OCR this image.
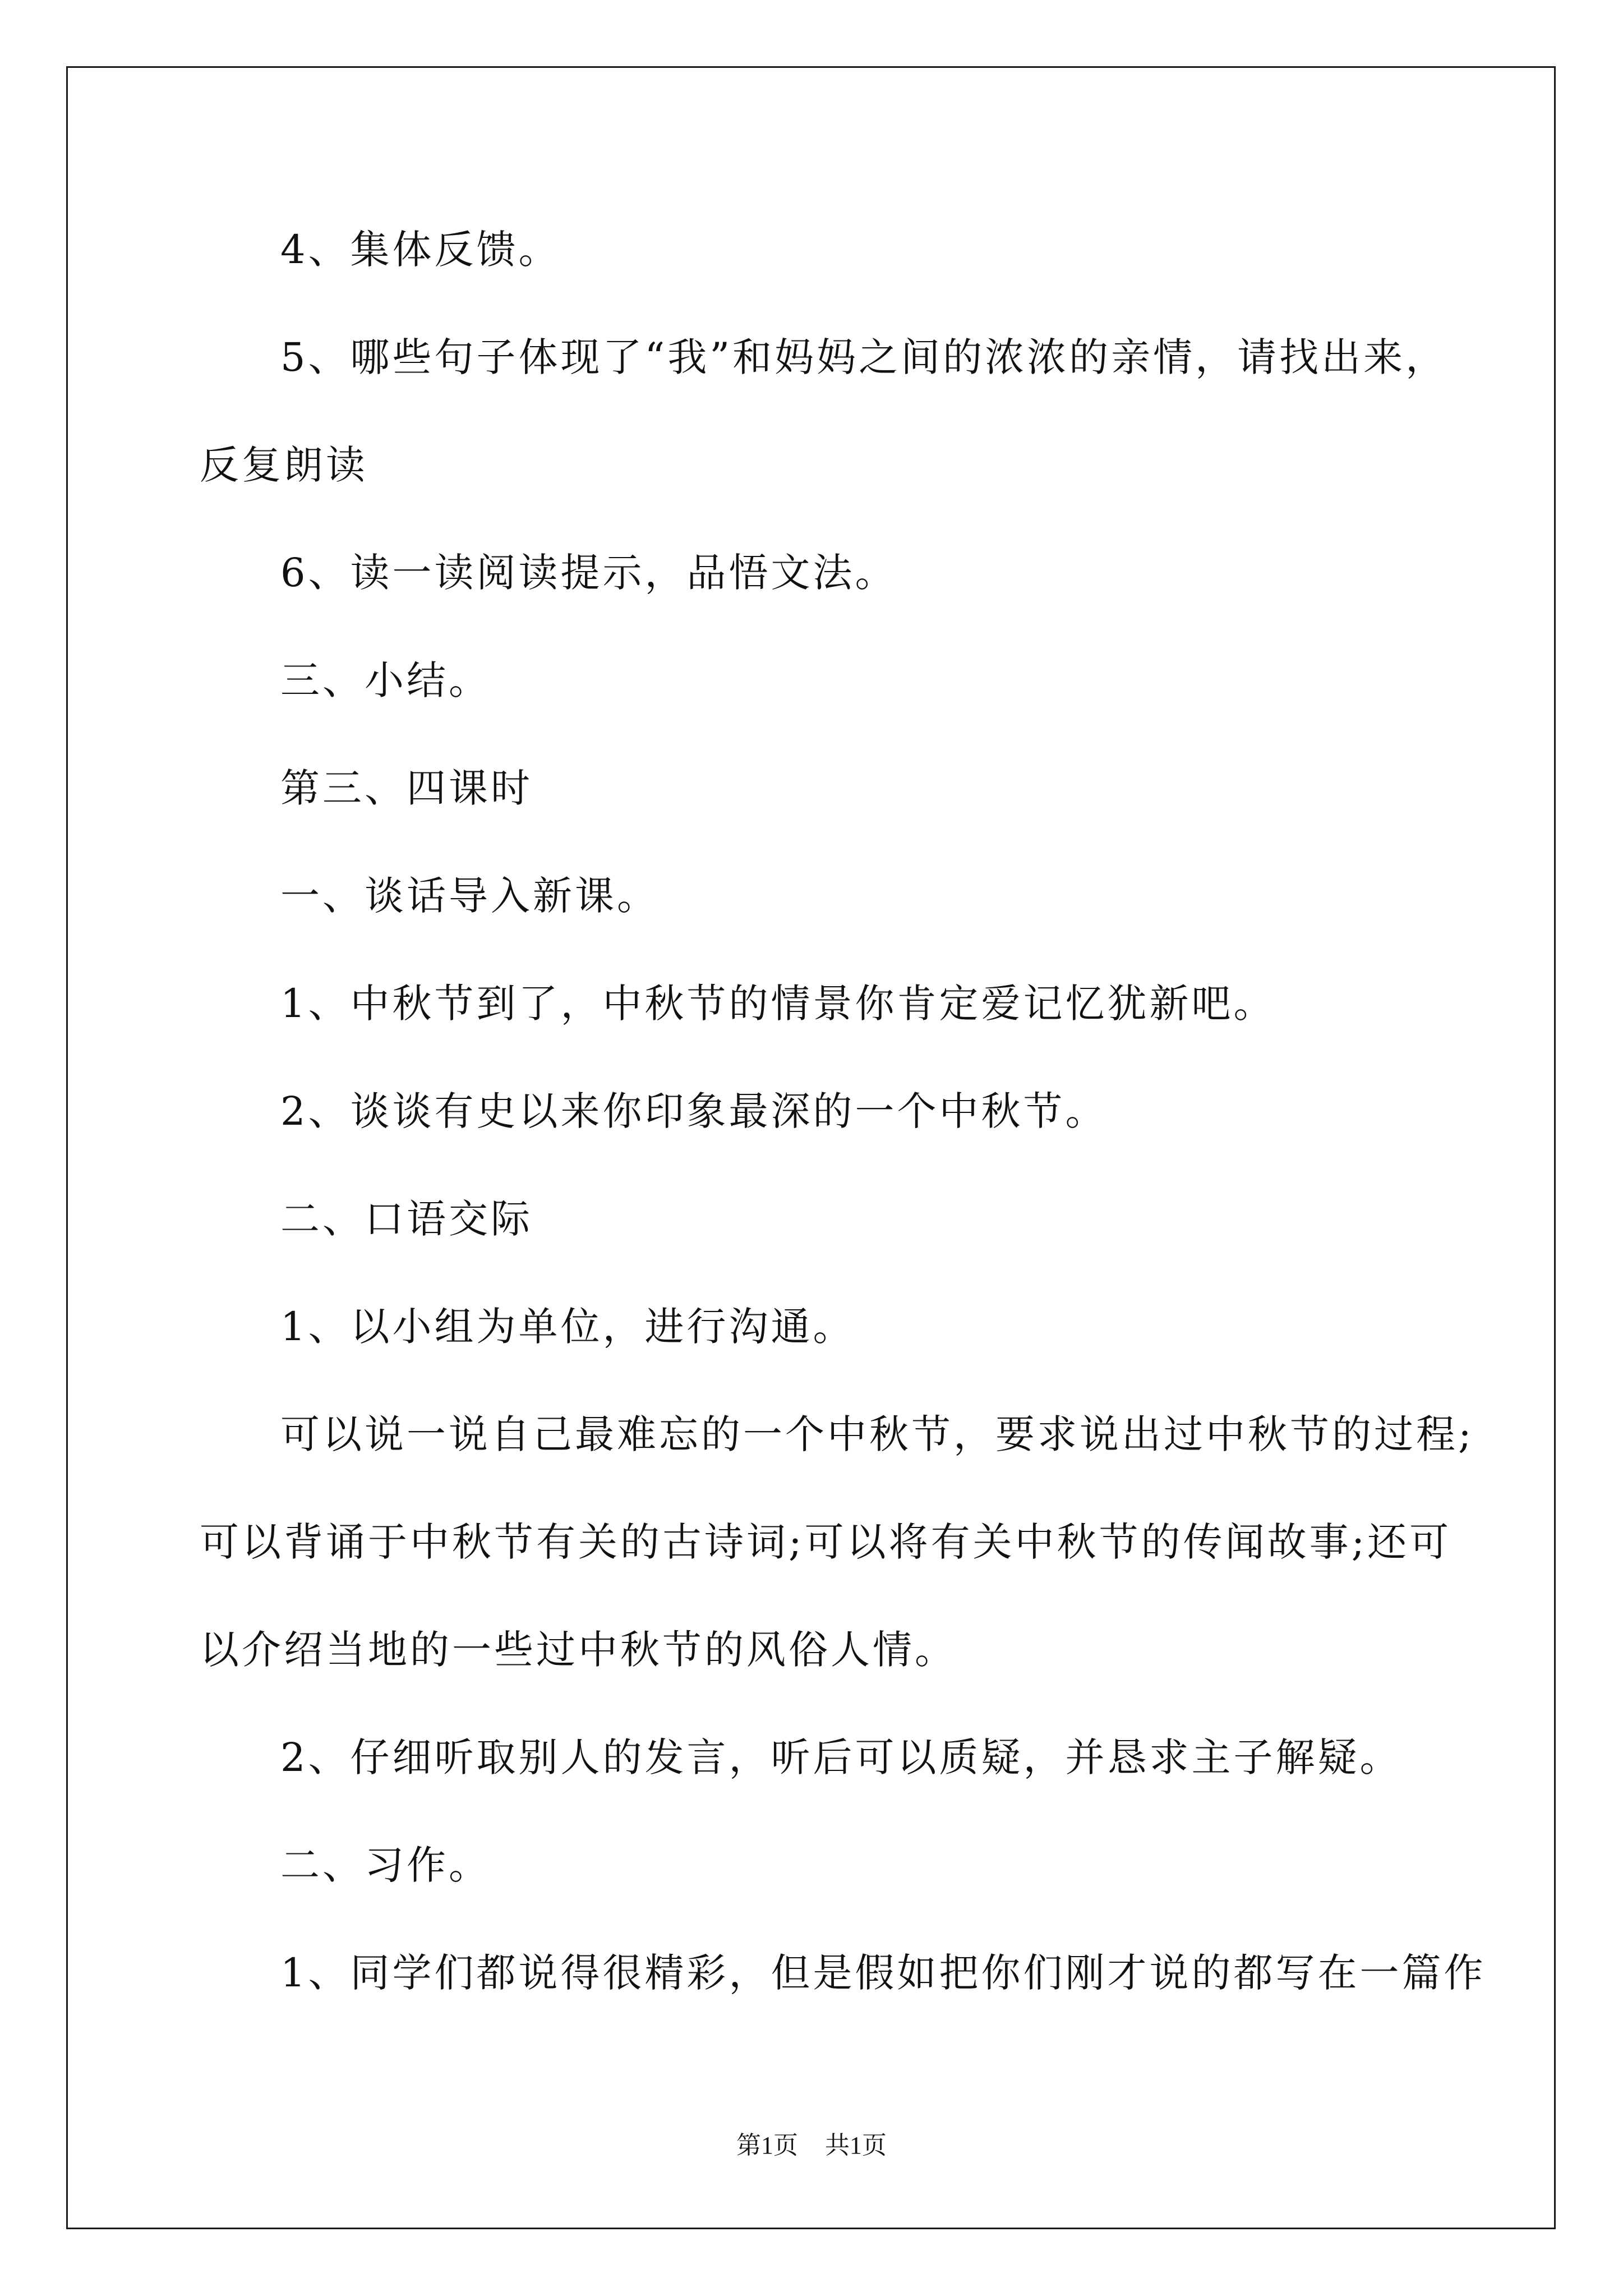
4、集体反馈。
5、哪些句子体现了“我”和妈妈之间的浓浓的亲情，请找出来，
反复朗读
6、读一读阅读提示，品悟文法。
三、小结。
第三、四课时
一、谈话导入新课。
1、中秋节到了，中秋节的情景你肯定爱记忆犹新吧。
2、谈谈有史以来你印象最深的一个中秋节。
二、口语交际
1、以小组为单位，进行沟通。
可以说一说自己最难忘的一个中秋节，要求说出过中秋节的过程;
可以背诵于中秋节有关的古诗词;可以将有关中秋节的传闻故事;还可
以介绍当地的一些过中秋节的风俗人情。
2、仔细听取别人的发言，听后可以质疑，并恳求主子解疑。
二、习作。
1、同学们都说得很精彩，但是假如把你们刚才说的都写在一篇作
第1页 共1页
